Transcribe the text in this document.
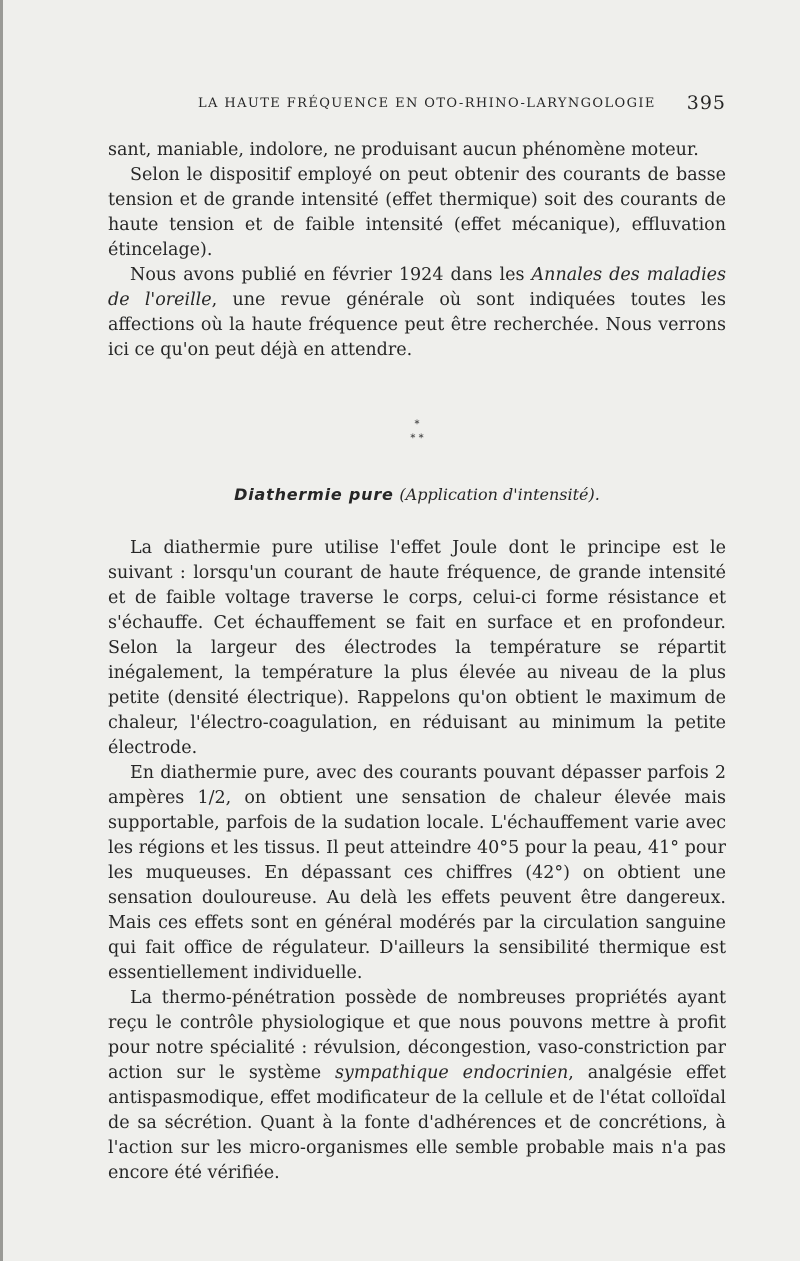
LA HAUTE FRÉQUENCE EN OTO-RHINO-LARYNGOLOGIE 395

sant, maniable, indolore, ne produisant aucun phénomène moteur.

Selon le dispositif employé on peut obtenir des courants de basse tension et de grande intensité (effet thermique) soit des courants de haute tension et de faible intensité (effet mécanique), effluvation étincelage).

Nous avons publié en février 1924 dans les Annales des maladies de l'oreille, une revue générale où sont indiquées toutes les affections où la haute fréquence peut être recherchée. Nous verrons ici ce qu'on peut déjà en attendre.

*
* *
Diathermie pure (Application d'intensité).

La diathermie pure utilise l'effet Joule dont le principe est le suivant : lorsqu'un courant de haute fréquence, de grande intensité et de faible voltage traverse le corps, celui-ci forme résistance et s'échauffe. Cet échauffement se fait en surface et en profondeur. Selon la largeur des électrodes la température se répartit inégalement, la température la plus élevée au niveau de la plus petite (densité électrique). Rappelons qu'on obtient le maximum de chaleur, l'électro-coagulation, en réduisant au minimum la petite électrode.

En diathermie pure, avec des courants pouvant dépasser parfois 2 ampères 1/2, on obtient une sensation de chaleur élevée mais supportable, parfois de la sudation locale. L'échauffement varie avec les régions et les tissus. Il peut atteindre 40°5 pour la peau, 41° pour les muqueuses. En dépassant ces chiffres (42°) on obtient une sensation douloureuse. Au delà les effets peuvent être dangereux. Mais ces effets sont en général modérés par la circulation sanguine qui fait office de régulateur. D'ailleurs la sensibilité thermique est essentiellement individuelle.

La thermo-pénétration possède de nombreuses propriétés ayant reçu le contrôle physiologique et que nous pouvons mettre à profit pour notre spécialité : révulsion, décongestion, vaso-constriction par action sur le système sympathique endocrinien, analgésie effet antispasmodique, effet modificateur de la cellule et de l'état colloïdal de sa sécrétion. Quant à la fonte d'adhérences et de concrétions, à l'action sur les micro-organismes elle semble probable mais n'a pas encore été vérifiée.
